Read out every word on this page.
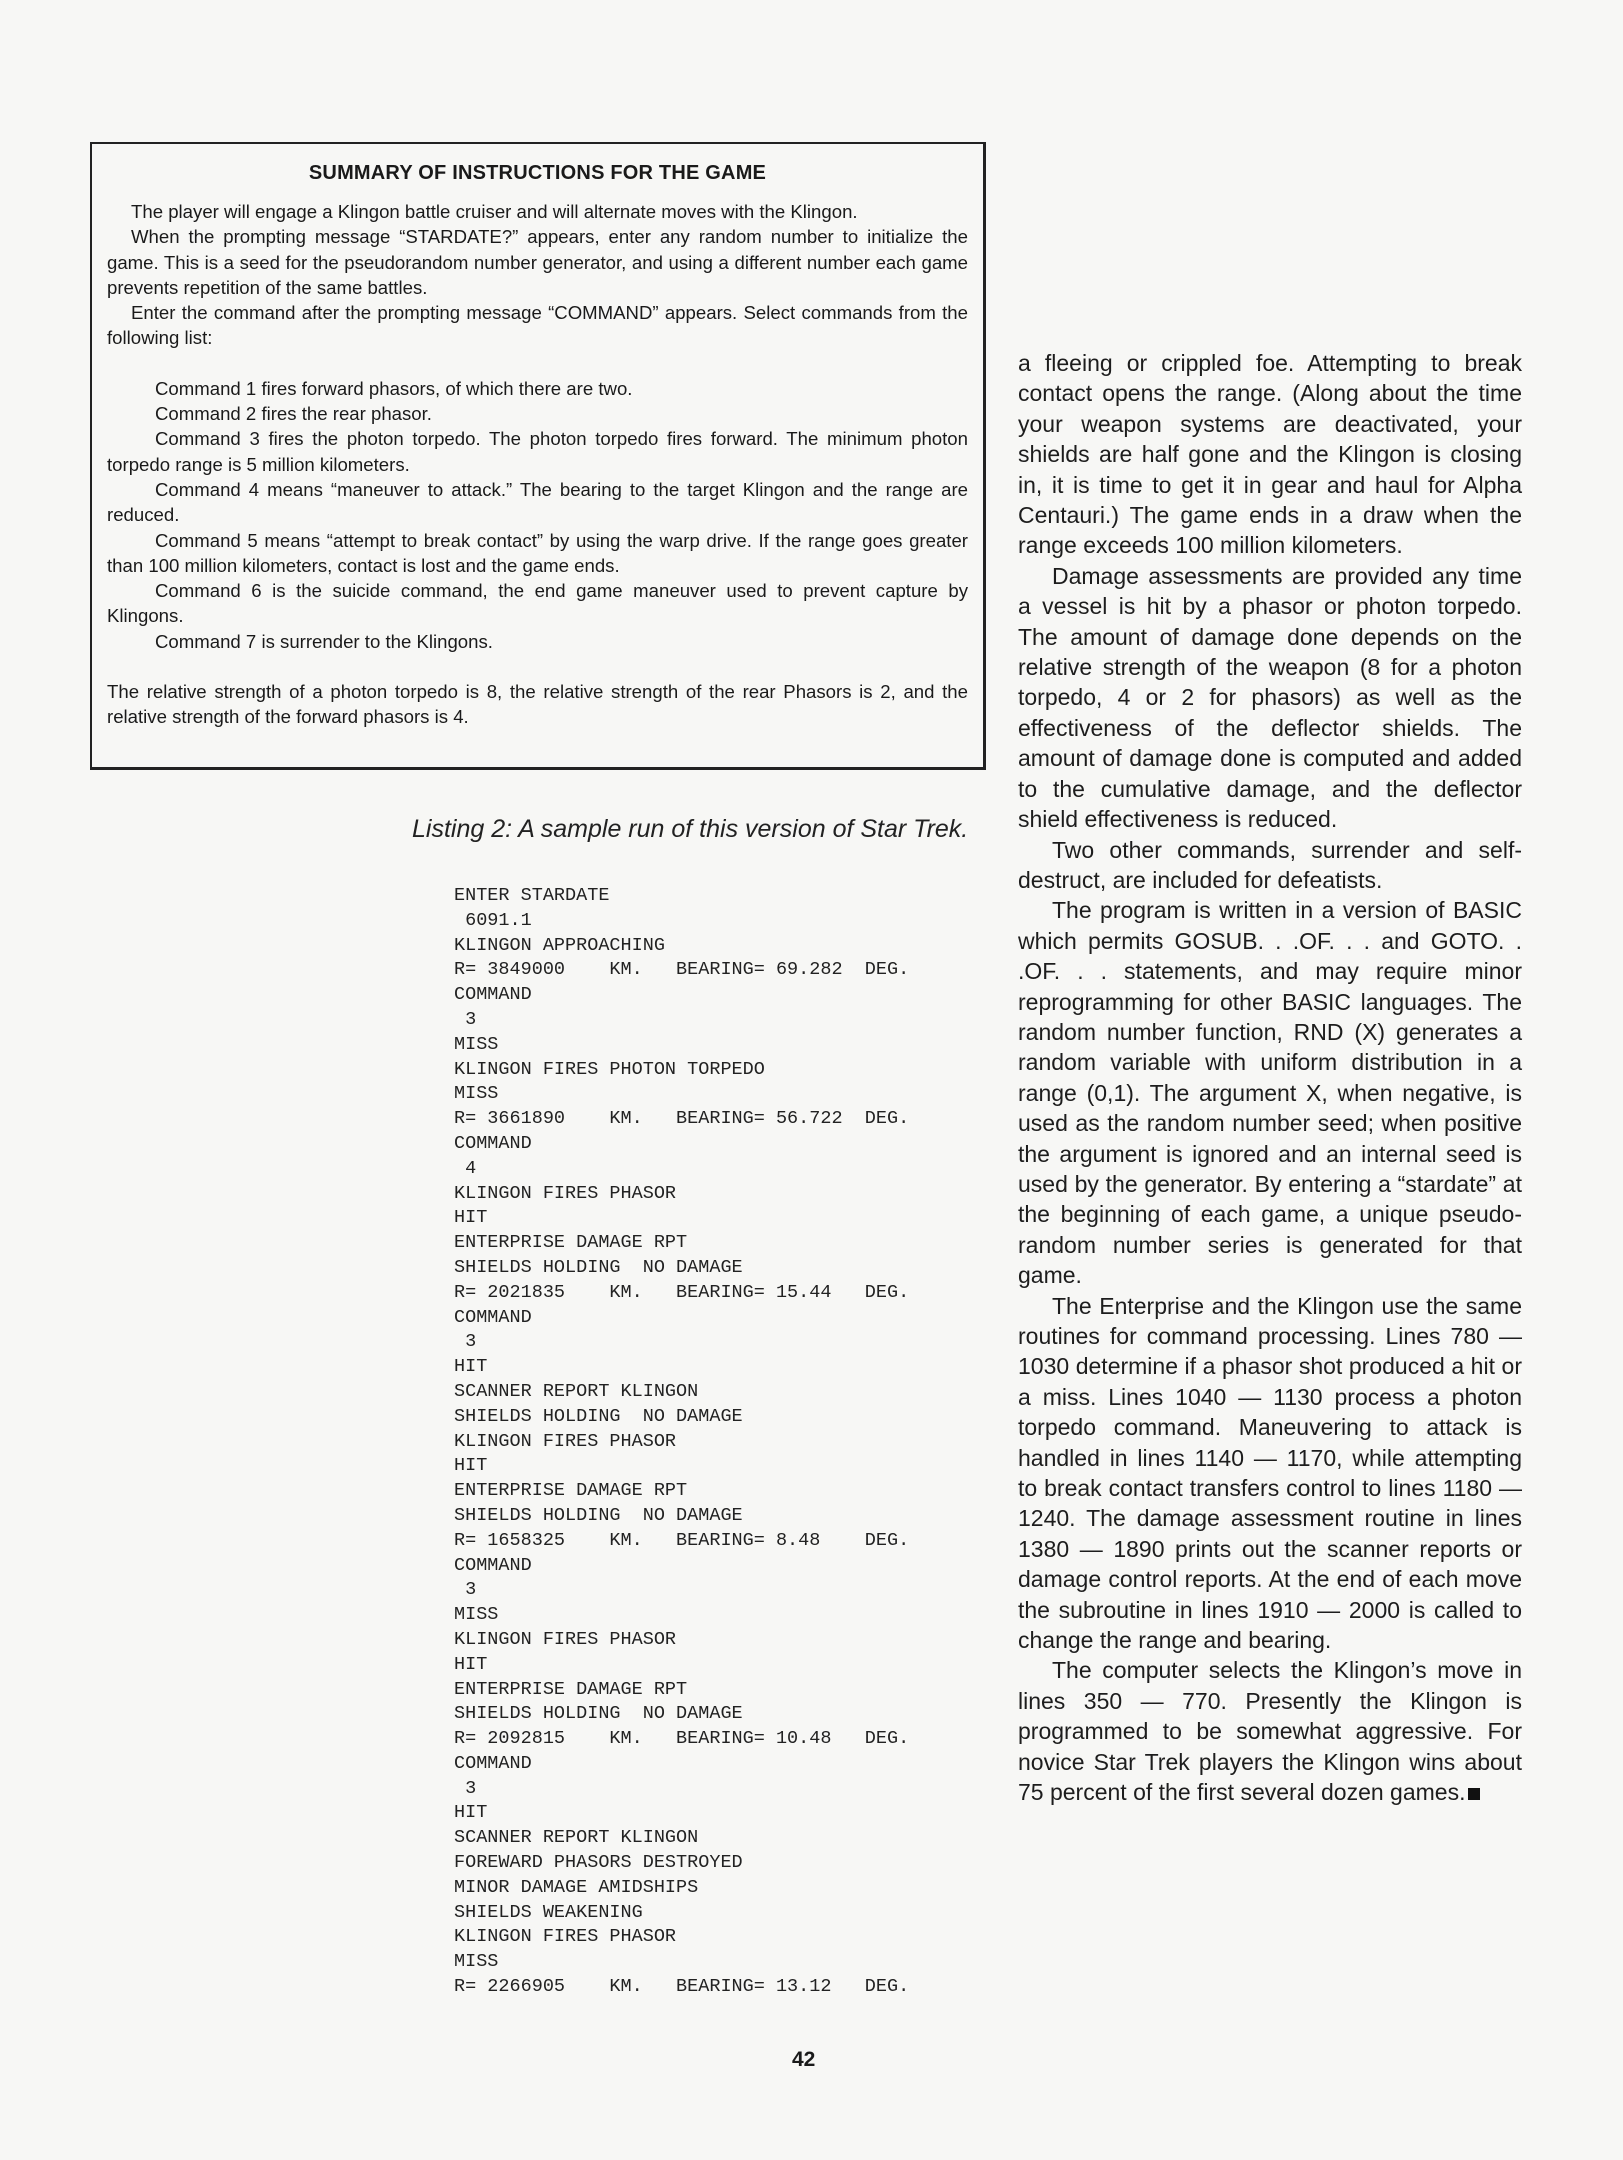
SUMMARY OF INSTRUCTIONS FOR THE GAME

The player will engage a Klingon battle cruiser and will alternate moves with the Klingon.

When the prompting message “STARDATE?” appears, enter any random number to initialize the game. This is a seed for the pseudorandom number generator, and using a different number each game prevents repetition of the same battles.

Enter the command after the prompting message “COMMAND” appears. Select commands from the following list:

Command 1 fires forward phasors, of which there are two.

Command 2 fires the rear phasor.

Command 3 fires the photon torpedo. The photon torpedo fires forward. The minimum photon torpedo range is 5 million kilometers.

Command 4 means “maneuver to attack.” The bearing to the target Klingon and the range are reduced.

Command 5 means “attempt to break contact” by using the warp drive. If the range goes greater than 100 million kilometers, contact is lost and the game ends.

Command 6 is the suicide command, the end game maneuver used to prevent capture by Klingons.

Command 7 is surrender to the Klingons.

The relative strength of a photon torpedo is 8, the relative strength of the rear Phasors is 2, and the relative strength of the forward phasors is 4.

Listing 2: A sample run of this version of Star Trek.
ENTER STARDATE
6091.1
KLINGON APPROACHING
R= 3849000    KM.   BEARING= 69.282  DEG.
COMMAND
3
MISS
KLINGON FIRES PHOTON TORPEDO
MISS
R= 3661890    KM.   BEARING= 56.722  DEG.
COMMAND
4
KLINGON FIRES PHASOR
HIT
ENTERPRISE DAMAGE RPT
SHIELDS HOLDING  NO DAMAGE
R= 2021835    KM.   BEARING= 15.44   DEG.
COMMAND
3
HIT
SCANNER REPORT KLINGON
SHIELDS HOLDING  NO DAMAGE
KLINGON FIRES PHASOR
HIT
ENTERPRISE DAMAGE RPT
SHIELDS HOLDING  NO DAMAGE
R= 1658325    KM.   BEARING= 8.48    DEG.
COMMAND
3
MISS
KLINGON FIRES PHASOR
HIT
ENTERPRISE DAMAGE RPT
SHIELDS HOLDING  NO DAMAGE
R= 2092815    KM.   BEARING= 10.48   DEG.
COMMAND
3
HIT
SCANNER REPORT KLINGON
FOREWARD PHASORS DESTROYED
MINOR DAMAGE AMIDSHIPS
SHIELDS WEAKENING
KLINGON FIRES PHASOR
MISS
R= 2266905    KM.   BEARING= 13.12   DEG.

a fleeing or crippled foe. Attempting to break contact opens the range. (Along about the time your weapon systems are deactivated, your shields are half gone and the Klingon is closing in, it is time to get it in gear and haul for Alpha Centauri.) The game ends in a draw when the range exceeds 100 million kilometers.

Damage assessments are provided any time a vessel is hit by a phasor or photon torpedo. The amount of damage done depends on the relative strength of the weapon (8 for a photon torpedo, 4 or 2 for phasors) as well as the effectiveness of the deflector shields. The amount of damage done is computed and added to the cumulative damage, and the deflector shield effectiveness is reduced.

Two other commands, surrender and self-destruct, are included for defeatists.

The program is written in a version of BASIC which permits GOSUB. . .OF. . . and GOTO. . .OF. . . statements, and may require minor reprogramming for other BASIC languages. The random number function, RND (X) generates a random variable with uniform distribution in a range (0,1). The argument X, when negative, is used as the random number seed; when positive the argument is ignored and an internal seed is used by the generator. By entering a “stardate” at the beginning of each game, a unique pseudo-random number series is generated for that game.

The Enterprise and the Klingon use the same routines for command processing. Lines 780 — 1030 determine if a phasor shot produced a hit or a miss. Lines 1040 — 1130 process a photon torpedo command. Maneuvering to attack is handled in lines 1140 — 1170, while attempting to break contact transfers control to lines 1180 — 1240. The damage assessment routine in lines 1380 — 1890 prints out the scanner reports or damage control reports. At the end of each move the subroutine in lines 1910 — 2000 is called to change the range and bearing.

The computer selects the Klingon’s move in lines 350 — 770. Presently the Klingon is programmed to be somewhat aggressive. For novice Star Trek players the Klingon wins about 75 percent of the first several dozen games.

42
